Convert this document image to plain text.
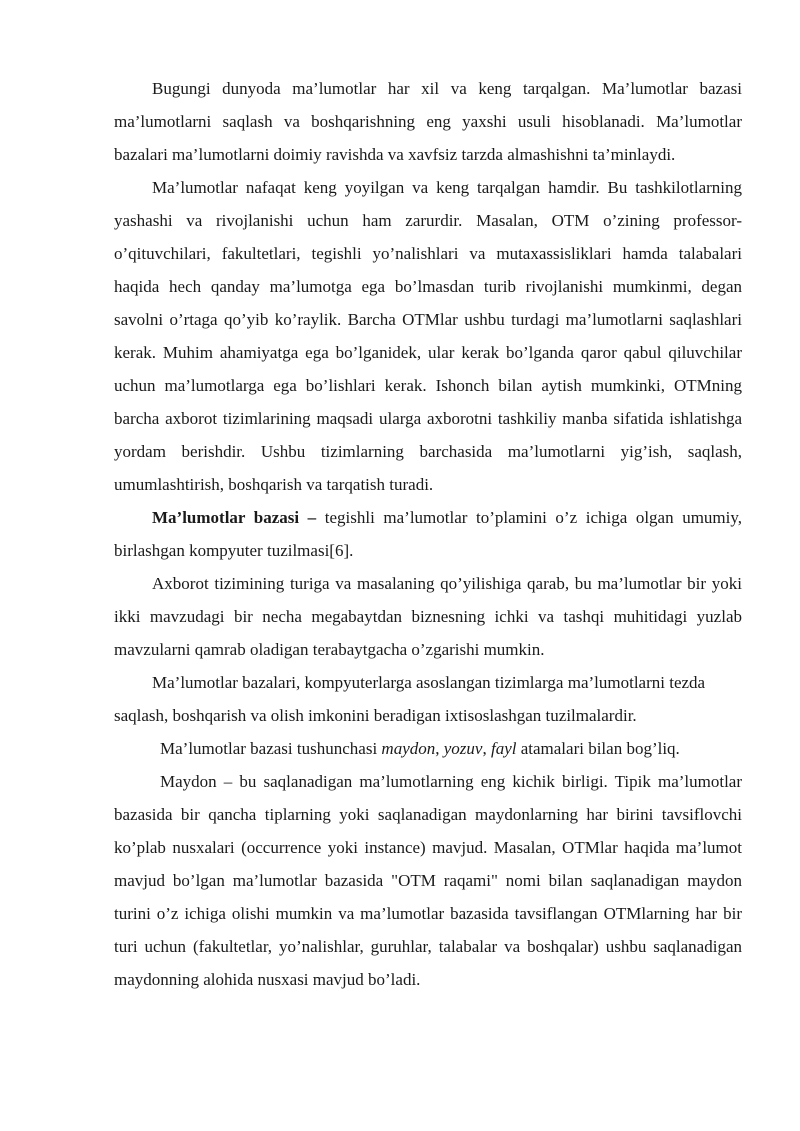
Bugungi dunyoda ma’lumotlar har xil va keng tarqalgan. Ma’lumotlar bazasi ma’lumotlarni saqlash va boshqarishning eng yaxshi usuli hisoblanadi. Ma’lumotlar bazalari ma’lumotlarni doimiy ravishda va xavfsiz tarzda almashishni ta’minlaydi.

Ma’lumotlar nafaqat keng yoyilgan va keng tarqalgan hamdir. Bu tashkilotlarning yashashi va rivojlanishi uchun ham zarurdir. Masalan, OTM o’zining professor-o’qituvchilari, fakultetlari, tegishli yo’nalishlari va mutaxassisliklari hamda talabalari haqida hech qanday ma’lumotga ega bo’lmasdan turib rivojlanishi mumkinmi, degan savolni o’rtaga qo’yib ko’raylik. Barcha OTMlar ushbu turdagi ma’lumotlarni saqlashlari kerak. Muhim ahamiyatga ega bo’lganidek, ular kerak bo’lganda qaror qabul qiluvchilar uchun ma’lumotlarga ega bo’lishlari kerak. Ishonch bilan aytish mumkinki, OTMning barcha axborot tizimlarining maqsadi ularga axborotni tashkiliy manba sifatida ishlatishga yordam berishdir. Ushbu tizimlarning barchasida ma’lumotlarni yig’ish, saqlash, umumlashtirish, boshqarish va tarqatish turadi.

Ma’lumotlar bazasi – tegishli ma’lumotlar to’plamini o’z ichiga olgan umumiy, birlashgan kompyuter tuzilmasi[6].

Axborot tizimining turiga va masalaning qo’yilishiga qarab, bu ma’lumotlar bir yoki ikki mavzudagi bir necha megabaytdan biznesning ichki va tashqi muhitidagi yuzlab mavzularni qamrab oladigan terabaytgacha o’zgarishi mumkin.

Ma’lumotlar bazalari, kompyuterlarga asoslangan tizimlarga ma’lumotlarni tezda saqlash, boshqarish va olish imkonini beradigan ixtisoslashgan tuzilmalardir.

Ma’lumotlar bazasi tushunchasi maydon, yozuv, fayl atamalari bilan bog’liq.

Maydon – bu saqlanadigan ma’lumotlarning eng kichik birligi. Tipik ma’lumotlar bazasida bir qancha tiplarning yoki saqlanadigan maydonlarning har birini tavsiflovchi ko’plab nusxalari (occurrence yoki instance) mavjud. Masalan, OTMlar haqida ma’lumot mavjud bo’lgan ma’lumotlar bazasida "OTM raqami" nomi bilan saqlanadigan maydon turini o’z ichiga olishi mumkin va ma’lumotlar bazasida tavsiflangan OTMlarning har bir turi uchun (fakultetlar, yo’nalishlar, guruhlar, talabalar va boshqalar) ushbu saqlanadigan maydonning alohida nusxasi mavjud bo’ladi.
